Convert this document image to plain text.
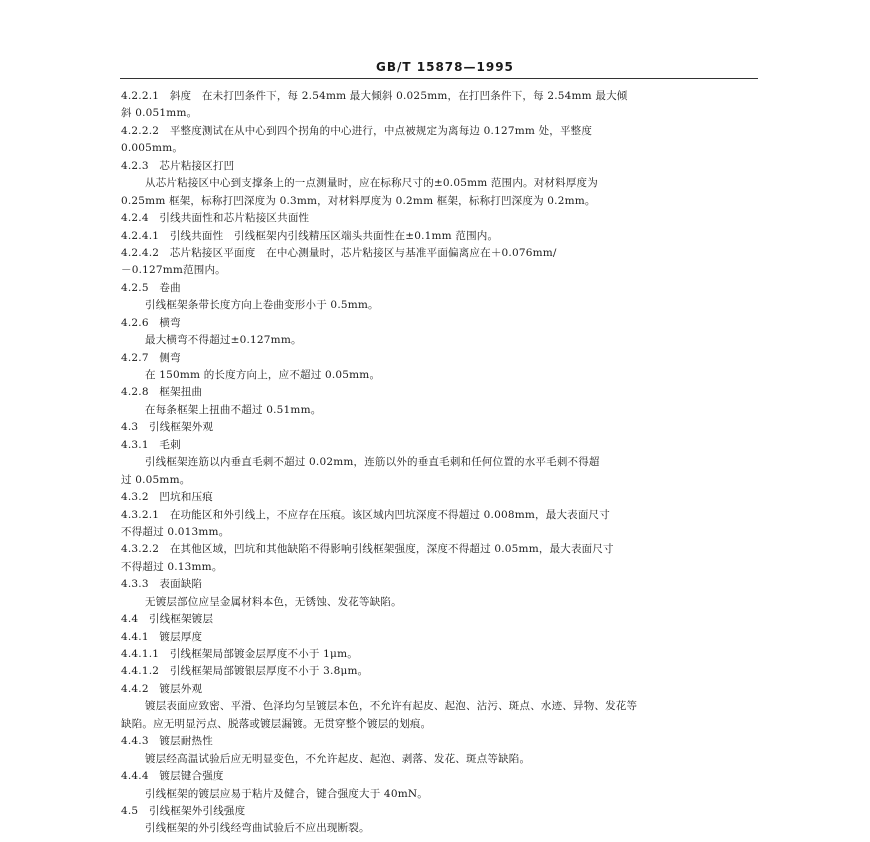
GB/T 15878—1995
4.2.2.1　斜度　在未打凹条件下，每 2.54mm 最大倾斜 0.025mm，在打凹条件下，每 2.54mm 最大倾
斜 0.051mm。
4.2.2.2　平整度测试在从中心到四个拐角的中心进行，中点被规定为离每边 0.127mm 处，平整度
0.005mm。
4.2.3　芯片粘接区打凹
从芯片粘接区中心到支撑条上的一点测量时，应在标称尺寸的±0.05mm 范围内。对材料厚度为
0.25mm 框架，标称打凹深度为 0.3mm，对材料厚度为 0.2mm 框架，标称打凹深度为 0.2mm。
4.2.4　引线共面性和芯片粘接区共面性
4.2.4.1　引线共面性　引线框架内引线精压区端头共面性在±0.1mm 范围内。
4.2.4.2　芯片粘接区平面度　在中心测量时，芯片粘接区与基准平面偏离应在＋0.076mm/
－0.127mm范围内。
4.2.5　卷曲
引线框架条带长度方向上卷曲变形小于 0.5mm。
4.2.6　横弯
最大横弯不得超过±0.127mm。
4.2.7　侧弯
在 150mm 的长度方向上，应不超过 0.05mm。
4.2.8　框架扭曲
在每条框架上扭曲不超过 0.51mm。
4.3　引线框架外观
4.3.1　毛刺
引线框架连筋以内垂直毛刺不超过 0.02mm，连筋以外的垂直毛刺和任何位置的水平毛刺不得超
过 0.05mm。
4.3.2　凹坑和压痕
4.3.2.1　在功能区和外引线上，不应存在压痕。该区域内凹坑深度不得超过 0.008mm，最大表面尺寸
不得超过 0.013mm。
4.3.2.2　在其他区域，凹坑和其他缺陷不得影响引线框架强度，深度不得超过 0.05mm，最大表面尺寸
不得超过 0.13mm。
4.3.3　表面缺陷
无镀层部位应呈金属材料本色，无锈蚀、发花等缺陷。
4.4　引线框架镀层
4.4.1　镀层厚度
4.4.1.1　引线框架局部镀金层厚度不小于 1μm。
4.4.1.2　引线框架局部镀银层厚度不小于 3.8μm。
4.4.2　镀层外观
镀层表面应致密、平滑、色泽均匀呈镀层本色，不允许有起皮、起泡、沾污、斑点、水迹、异物、发花等
缺陷。应无明显污点、脱落或镀层漏镀。无贯穿整个镀层的划痕。
4.4.3　镀层耐热性
镀层经高温试验后应无明显变色，不允许起皮、起泡、剥落、发花、斑点等缺陷。
4.4.4　镀层键合强度
引线框架的镀层应易于粘片及健合，键合强度大于 40mN。
4.5　引线框架外引线强度
引线框架的外引线经弯曲试验后不应出现断裂。
